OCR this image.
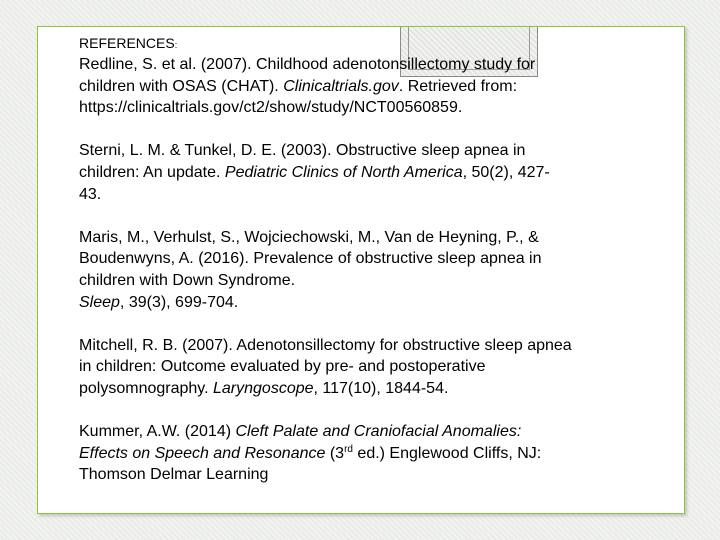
REFERENCES:
Redline, S. et al. (2007). Childhood adenotonsillectomy study for
children with OSAS (CHAT). Clinicaltrials.gov. Retrieved from:
https://clinicaltrials.gov/ct2/show/study/NCT00560859.
Sterni, L. M. & Tunkel, D. E. (2003). Obstructive sleep apnea in
children: An update. Pediatric Clinics of North America, 50(2), 427-
43.
Maris, M., Verhulst, S., Wojciechowski, M., Van de Heyning, P., &
Boudenwyns, A. (2016). Prevalence of obstructive sleep apnea in
children with Down Syndrome.
Sleep, 39(3), 699-704.
Mitchell, R. B. (2007). Adenotonsillectomy for obstructive sleep apnea
in children: Outcome evaluated by pre- and postoperative
polysomnography. Laryngoscope, 117(10), 1844-54.
Kummer, A.W. (2014) Cleft Palate and Craniofacial Anomalies:
Effects on Speech and Resonance (3rd ed.) Englewood Cliffs, NJ:
Thomson Delmar Learning
